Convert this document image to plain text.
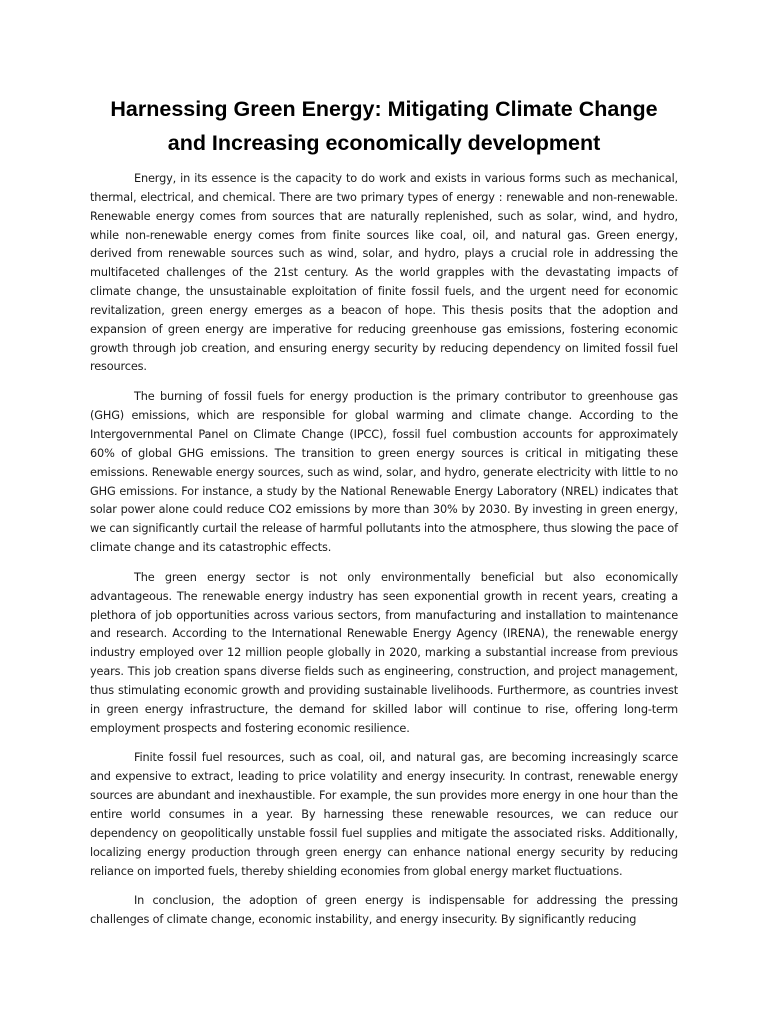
Harnessing Green Energy: Mitigating Climate Change
and Increasing economically development

Energy, in its essence is the capacity to do work and exists in various forms such as mechanical, thermal, electrical, and chemical. There are two primary types of energy : renewable and non-renewable. Renewable energy comes from sources that are naturally replenished, such as solar, wind, and hydro, while non-renewable energy comes from finite sources like coal, oil, and natural gas. Green energy, derived from renewable sources such as wind, solar, and hydro, plays a crucial role in addressing the multifaceted challenges of the 21st century. As the world grapples with the devastating impacts of climate change, the unsustainable exploitation of finite fossil fuels, and the urgent need for economic revitalization, green energy emerges as a beacon of hope. This thesis posits that the adoption and expansion of green energy are imperative for reducing greenhouse gas emissions, fostering economic growth through job creation, and ensuring energy security by reducing dependency on limited fossil fuel resources.

The burning of fossil fuels for energy production is the primary contributor to greenhouse gas (GHG) emissions, which are responsible for global warming and climate change. According to the Intergovernmental Panel on Climate Change (IPCC), fossil fuel combustion accounts for approximately 60% of global GHG emissions. The transition to green energy sources is critical in mitigating these emissions. Renewable energy sources, such as wind, solar, and hydro, generate electricity with little to no GHG emissions. For instance, a study by the National Renewable Energy Laboratory (NREL) indicates that solar power alone could reduce CO2 emissions by more than 30% by 2030. By investing in green energy, we can significantly curtail the release of harmful pollutants into the atmosphere, thus slowing the pace of climate change and its catastrophic effects.

The green energy sector is not only environmentally beneficial but also economically advantageous. The renewable energy industry has seen exponential growth in recent years, creating a plethora of job opportunities across various sectors, from manufacturing and installation to maintenance and research. According to the International Renewable Energy Agency (IRENA), the renewable energy industry employed over 12 million people globally in 2020, marking a substantial increase from previous years. This job creation spans diverse fields such as engineering, construction, and project management, thus stimulating economic growth and providing sustainable livelihoods. Furthermore, as countries invest in green energy infrastructure, the demand for skilled labor will continue to rise, offering long-term employment prospects and fostering economic resilience.

Finite fossil fuel resources, such as coal, oil, and natural gas, are becoming increasingly scarce and expensive to extract, leading to price volatility and energy insecurity. In contrast, renewable energy sources are abundant and inexhaustible. For example, the sun provides more energy in one hour than the entire world consumes in a year. By harnessing these renewable resources, we can reduce our dependency on geopolitically unstable fossil fuel supplies and mitigate the associated risks. Additionally, localizing energy production through green energy can enhance national energy security by reducing reliance on imported fuels, thereby shielding economies from global energy market fluctuations.

In conclusion, the adoption of green energy is indispensable for addressing the pressing challenges of climate change, economic instability, and energy insecurity. By significantly reducing
